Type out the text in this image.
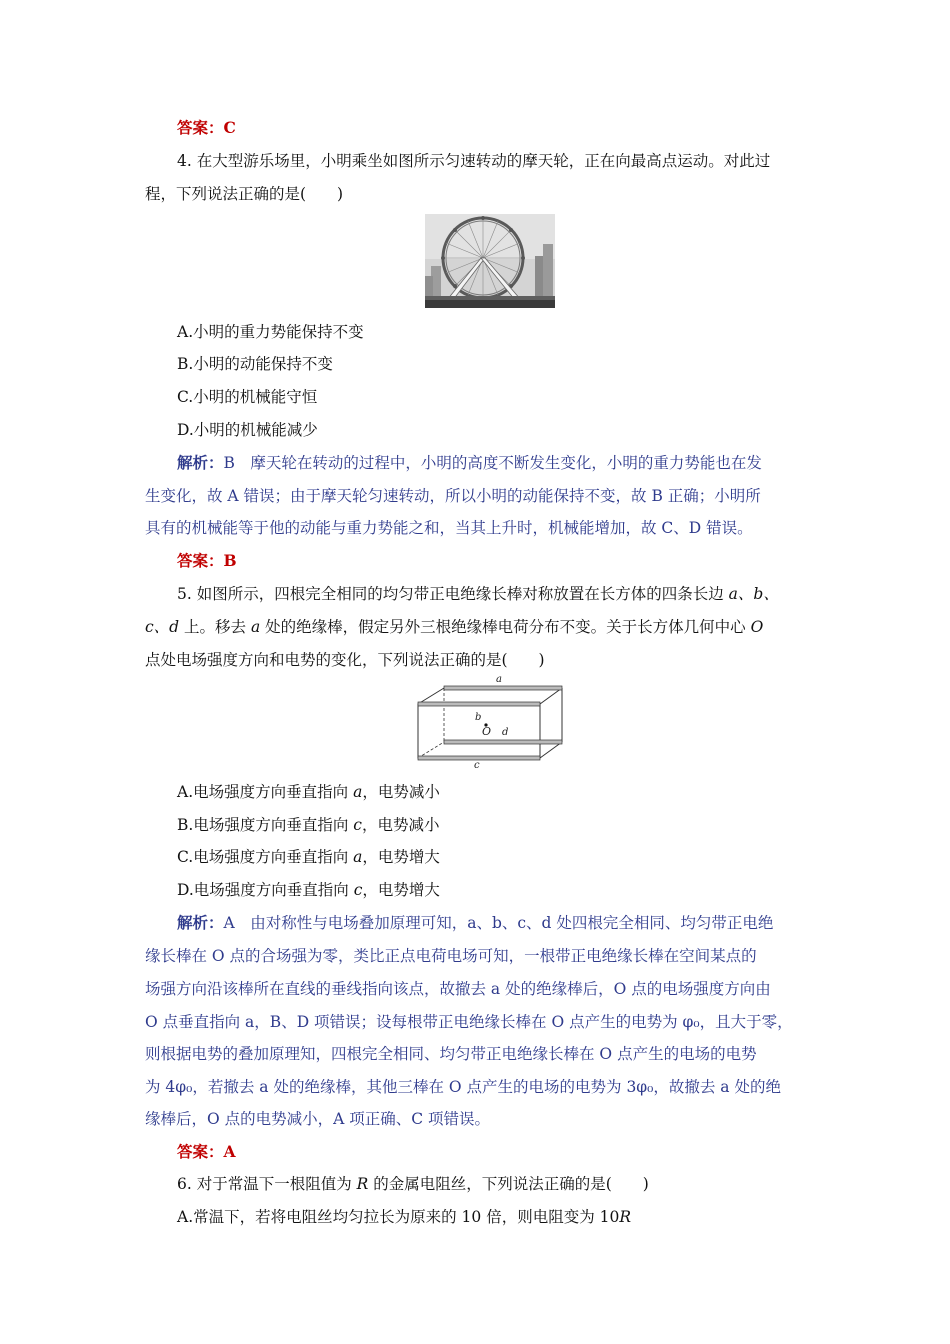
答案：C
4. 在大型游乐场里，小明乘坐如图所示匀速转动的摩天轮，正在向最高点运动。对此过
程，下列说法正确的是(　　)
A.小明的重力势能保持不变
B.小明的动能保持不变
C.小明的机械能守恒
D.小明的机械能减少
解析：B　摩天轮在转动的过程中，小明的高度不断发生变化，小明的重力势能也在发
生变化，故 A 错误；由于摩天轮匀速转动，所以小明的动能保持不变，故 B 正确；小明所
具有的机械能等于他的动能与重力势能之和，当其上升时，机械能增加，故 C、D 错误。
答案：B
5. 如图所示，四根完全相同的均匀带正电绝缘长棒对称放置在长方体的四条长边 a、b、
c、d 上。移去 a 处的绝缘棒，假定另外三根绝缘棒电荷分布不变。关于长方体几何中心 O
点处电场强度方向和电势的变化，下列说法正确的是(　　)
a
b
O d
c
A.电场强度方向垂直指向 a，电势减小
B.电场强度方向垂直指向 c，电势减小
C.电场强度方向垂直指向 a，电势增大
D.电场强度方向垂直指向 c，电势增大
解析：A　由对称性与电场叠加原理可知，a、b、c、d 处四根完全相同、均匀带正电绝
缘长棒在 O 点的合场强为零，类比正点电荷电场可知，一根带正电绝缘长棒在空间某点的
场强方向沿该棒所在直线的垂线指向该点，故撤去 a 处的绝缘棒后，O 点的电场强度方向由
O 点垂直指向 a，B、D 项错误；设每根带正电绝缘长棒在 O 点产生的电势为 φ₀，且大于零，
则根据电势的叠加原理知，四根完全相同、均匀带正电绝缘长棒在 O 点产生的电场的电势
为 4φ₀，若撤去 a 处的绝缘棒，其他三棒在 O 点产生的电场的电势为 3φ₀，故撤去 a 处的绝
缘棒后，O 点的电势减小，A 项正确、C 项错误。
答案：A
6. 对于常温下一根阻值为 R 的金属电阻丝，下列说法正确的是(　　)
A.常温下，若将电阻丝均匀拉长为原来的 10 倍，则电阻变为 10R
